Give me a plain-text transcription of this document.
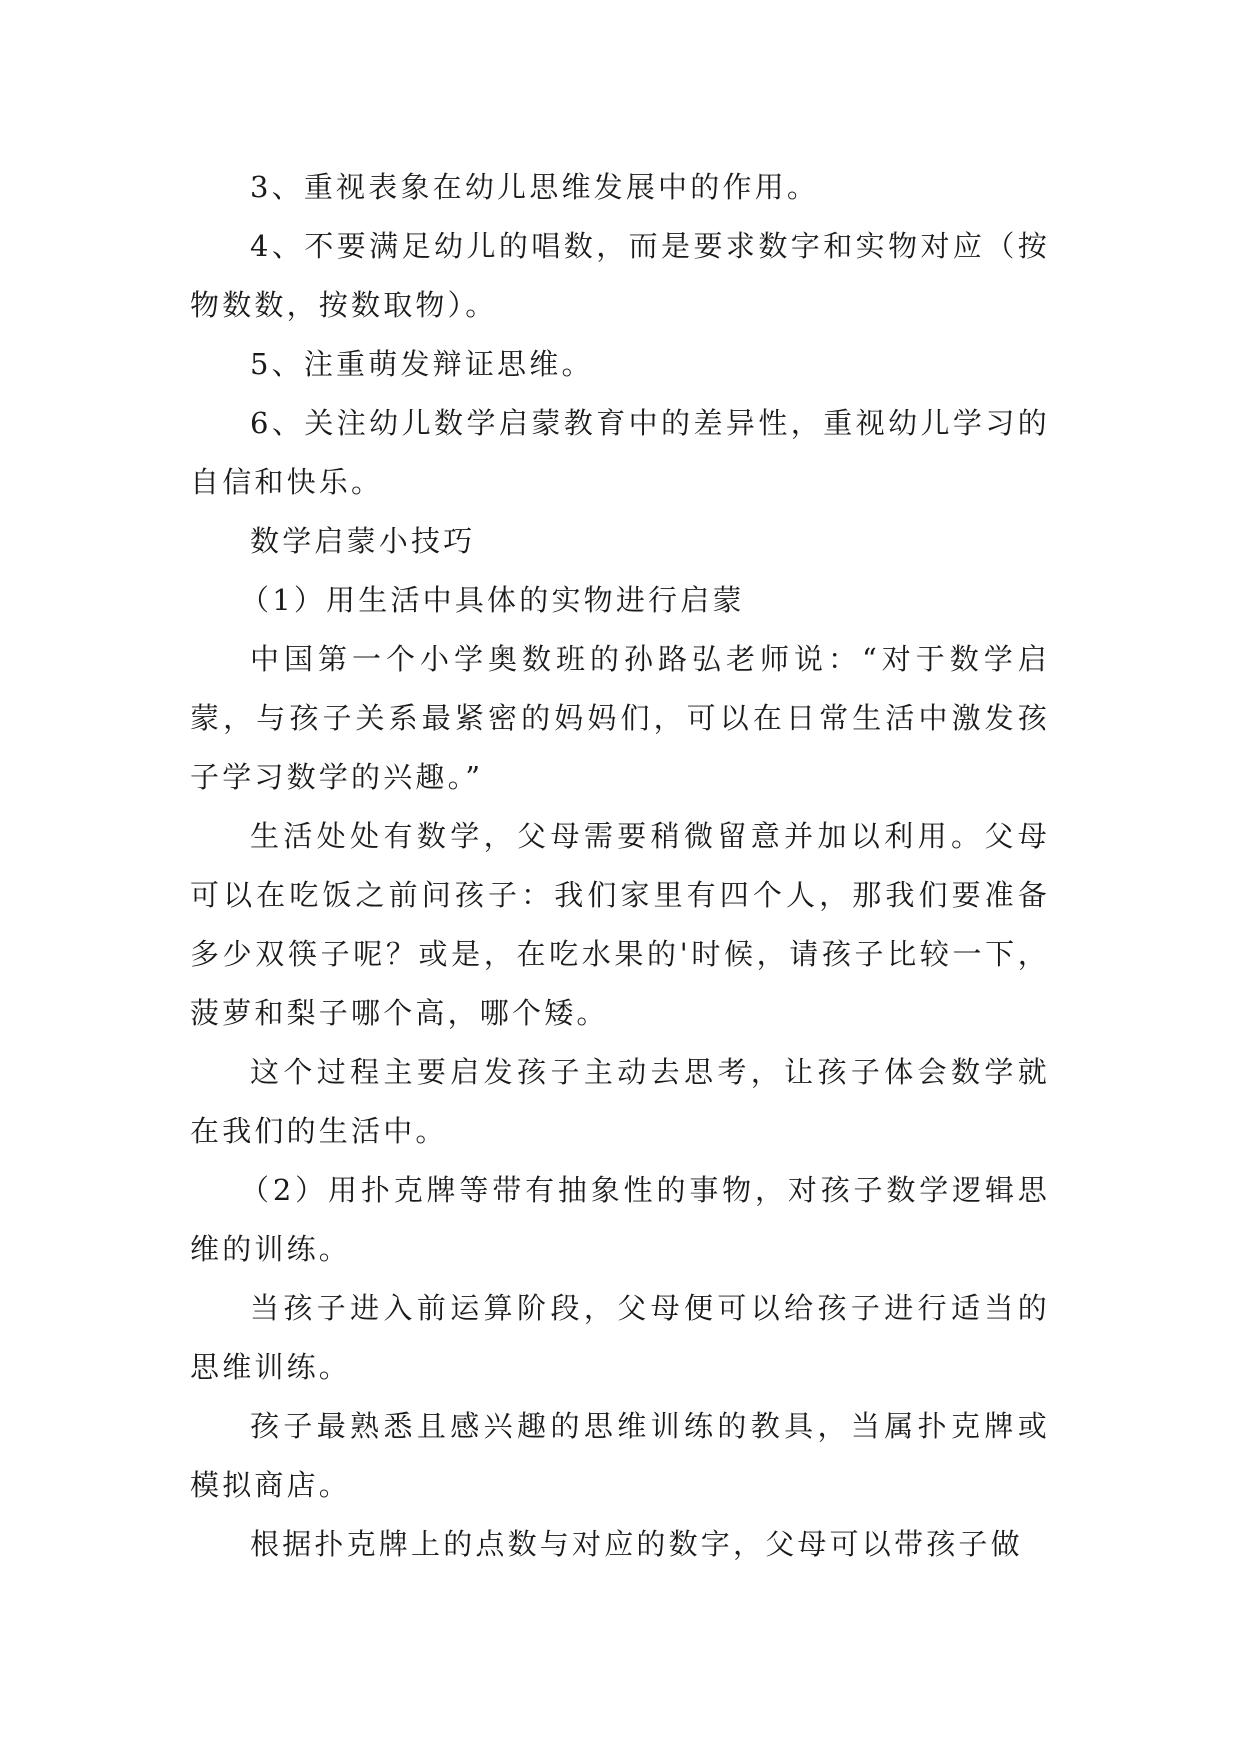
3、重视表象在幼儿思维发展中的作用。

4、不要满足幼儿的唱数，而是要求数字和实物对应（按物数数，按数取物）。

5、注重萌发辩证思维。

6、关注幼儿数学启蒙教育中的差异性，重视幼儿学习的自信和快乐。

数学启蒙小技巧

（1）用生活中具体的实物进行启蒙

中国第一个小学奥数班的孙路弘老师说：“对于数学启蒙，与孩子关系最紧密的妈妈们，可以在日常生活中激发孩子学习数学的兴趣。”

生活处处有数学，父母需要稍微留意并加以利用。父母可以在吃饭之前问孩子：我们家里有四个人，那我们要准备多少双筷子呢？或是，在吃水果的'时候，请孩子比较一下，菠萝和梨子哪个高，哪个矮。

这个过程主要启发孩子主动去思考，让孩子体会数学就在我们的生活中。

（2）用扑克牌等带有抽象性的事物，对孩子数学逻辑思维的训练。

当孩子进入前运算阶段，父母便可以给孩子进行适当的思维训练。

孩子最熟悉且感兴趣的思维训练的教具，当属扑克牌或模拟商店。

根据扑克牌上的点数与对应的数字，父母可以带孩子做
